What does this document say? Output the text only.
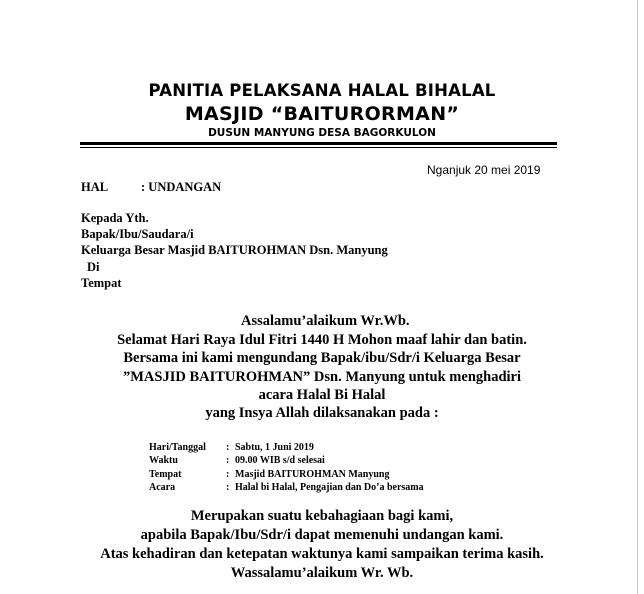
PANITIA PELAKSANA HALAL BIHALAL
MASJID “BAITURORMAN”
DUSUN MANYUNG DESA BAGORKULON
Nganjuk 20 mei 2019
HAL	: UNDANGAN
Kepada Yth.
Bapak/Ibu/Saudara/i
Keluarga Besar Masjid BAITUROHMAN Dsn. Manyung
Di
Tempat
Assalamu’alaikum Wr.Wb.
Selamat Hari Raya Idul Fitri 1440 H Mohon maaf lahir dan batin.
Bersama ini kami mengundang Bapak/ibu/Sdr/i Keluarga Besar
”MASJID BAITUROHMAN” Dsn. Manyung untuk menghadiri
acara Halal Bi Halal
yang Insya Allah dilaksanakan pada :
Hari/Tanggal : Sabtu, 1 Juni 2019
Waktu	: 09.00 WIB s/d selesai
Tempat	: Masjid BAITUROHMAN Manyung
Acara	: Halal bi Halal, Pengajian dan Do’a bersama
Merupakan suatu kebahagiaan bagi kami,
apabila Bapak/Ibu/Sdr/i dapat memenuhi undangan kami.
Atas kehadiran dan ketepatan waktunya kami sampaikan terima kasih.
Wassalamu’alaikum Wr. Wb.
